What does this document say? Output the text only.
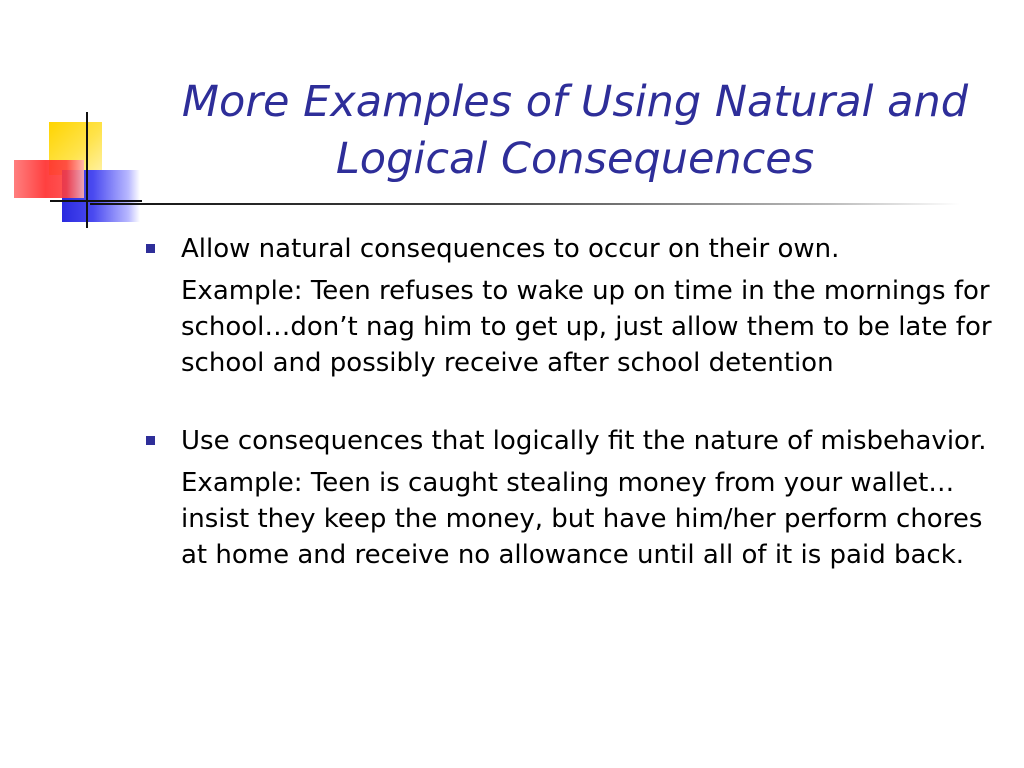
More Examples of Using Natural and
Logical Consequences
Allow natural consequences to occur on their own.
Example: Teen refuses to wake up on time in the mornings for school…don’t nag him to get up, just allow them to be late for school and possibly receive after school detention
Use consequences that logically fit the nature of misbehavior.
Example: Teen is caught stealing money from your wallet…insist they keep the money, but have him/her perform chores at home and receive no allowance until all of it is paid back.
